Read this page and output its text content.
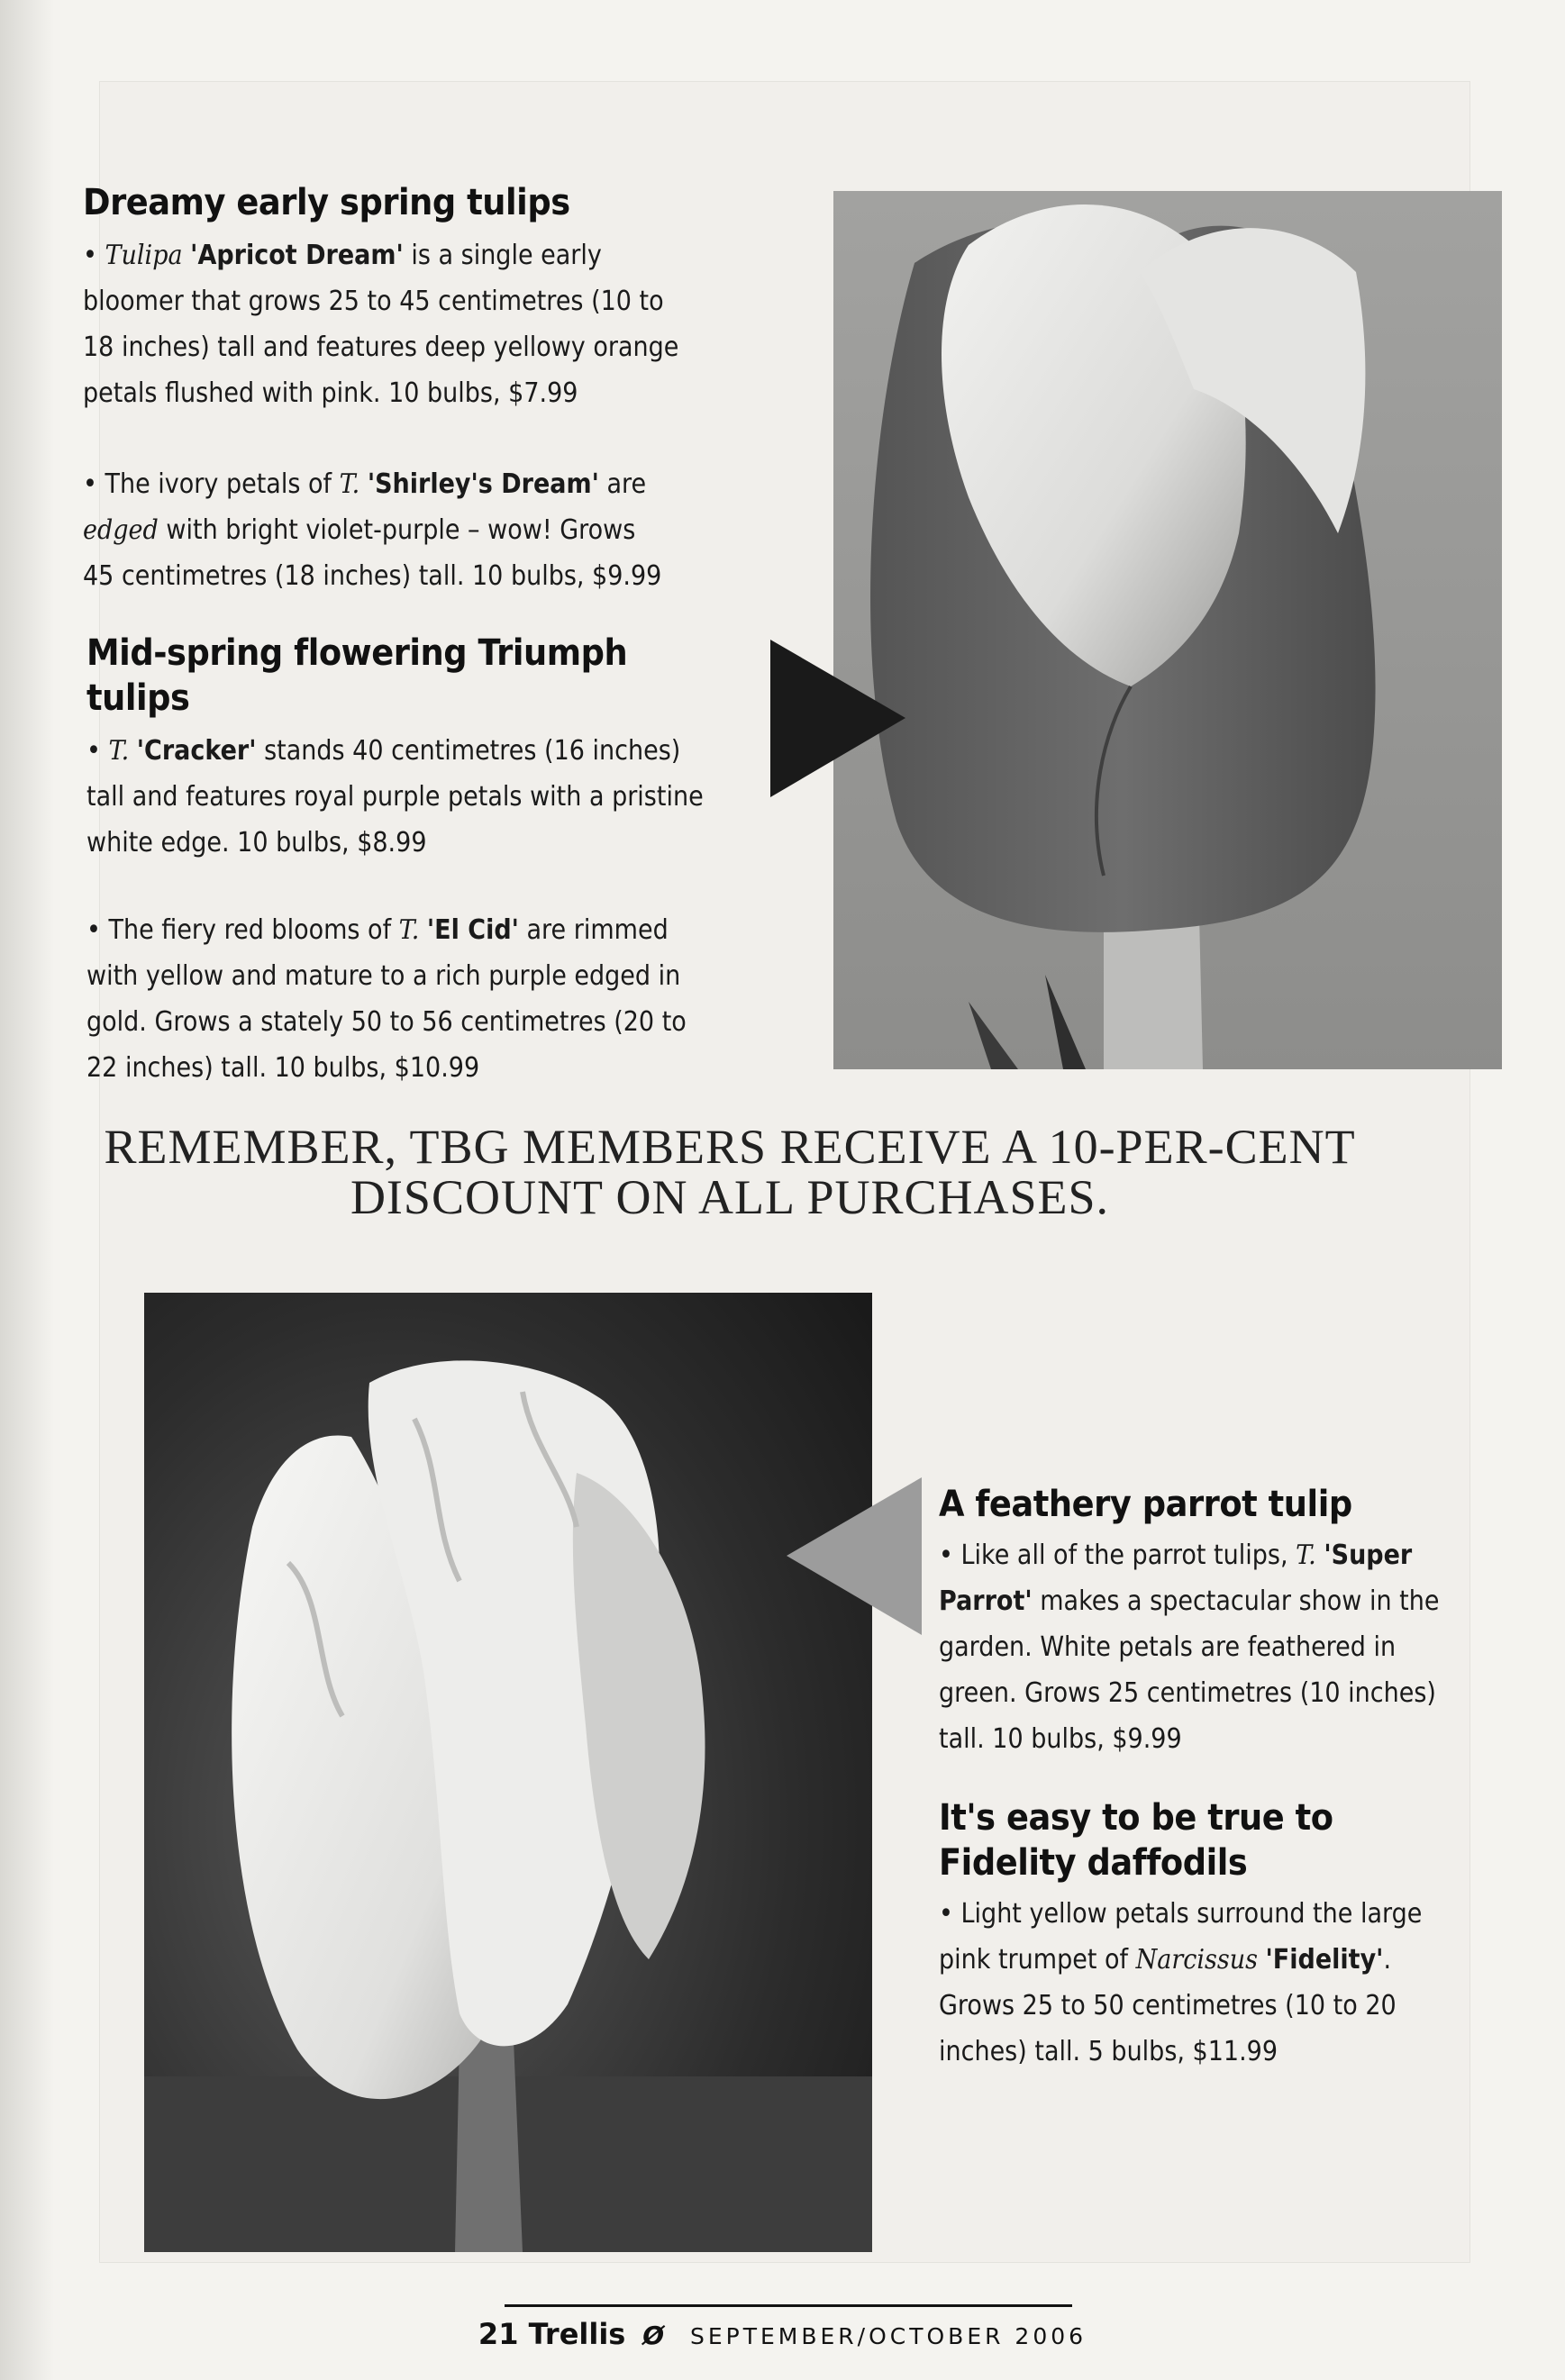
Dreamy early spring tulips

• Tulipa 'Apricot Dream' is a single early
bloomer that grows 25 to 45 centimetres (10 to
18 inches) tall and features deep yellowy orange
petals flushed with pink. 10 bulbs, $7.99

• The ivory petals of T. 'Shirley's Dream' are
edged with bright violet-purple – wow! Grows
45 centimetres (18 inches) tall. 10 bulbs, $9.99

Mid-spring flowering Triumph tulips

• T. 'Cracker' stands 40 centimetres (16 inches)
tall and features royal purple petals with a pristine
white edge. 10 bulbs, $8.99

• The fiery red blooms of T. 'El Cid' are rimmed
with yellow and mature to a rich purple edged in
gold. Grows a stately 50 to 56 centimetres (20 to
22 inches) tall. 10 bulbs, $10.99

REMEMBER, TBG MEMBERS RECEIVE A 10-PER-CENT
DISCOUNT ON ALL PURCHASES.
A feathery parrot tulip

• Like all of the parrot tulips, T. 'Super
Parrot' makes a spectacular show in the
garden. White petals are feathered in
green. Grows 25 centimetres (10 inches)
tall. 10 bulbs, $9.99

It's easy to be true to
Fidelity daffodils

• Light yellow petals surround the large
pink trumpet of Narcissus 'Fidelity'.
Grows 25 to 50 centimetres (10 to 20
inches) tall. 5 bulbs, $11.99

21 Trellis Ø SEPTEMBER/OCTOBER 2006
